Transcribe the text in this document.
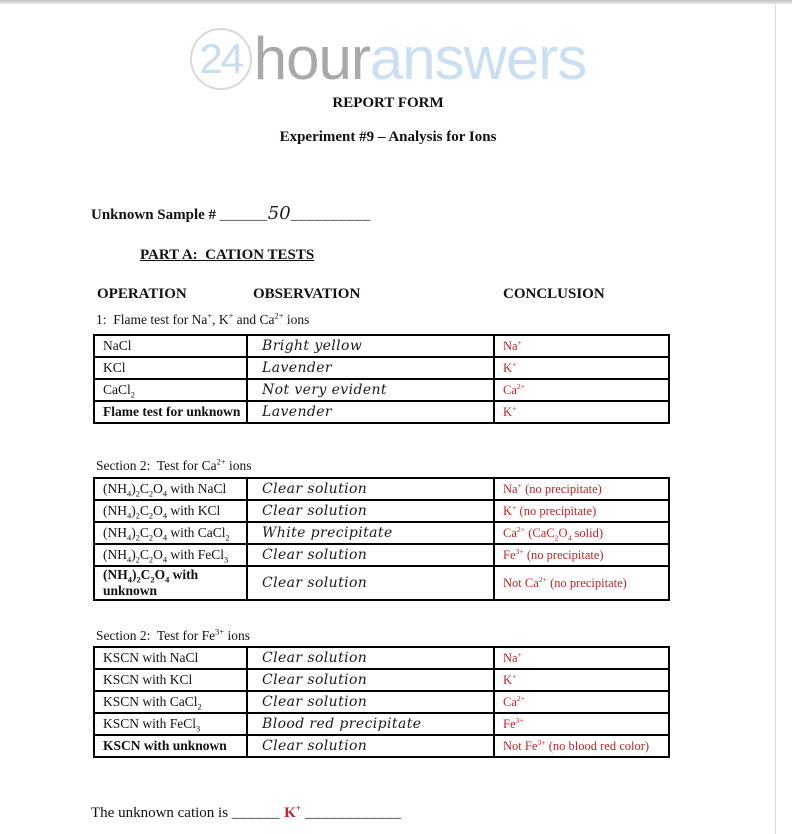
24 hour answers
REPORT FORM
Experiment #9 – Analysis for Ions
Unknown Sample # ______50__________
PART A:  CATION TESTS
OPERATION	OBSERVATION	CONCLUSION
1:  Flame test for Na+, K+ and $Ca^{2+}$ ions
NaCl	Bright yellow	Na+
KCl	Lavender	K+
CaCl$_2$	Not very evident	$Ca^{2+}$
Flame test for unknown	Lavender	K+
Section 2:  Test for $Ca^{2+}$ ions
$(NH_4)_2C_2O_4$ with NaCl	Clear solution	Na+ (no precipitate)
$(NH_4)_2C_2O_4$ with KCl	Clear solution	K+ (no precipitate)
$(NH_4)_2C_2O_4$ with CaCl$_2$	White precipitate	$Ca^{2+}$ ($CaC_2O_4$ solid)
$(NH_4)_2C_2O_4$ with FeCl$_3$	Clear solution	$Fe^{3+}$ (no precipitate)
$(NH_4)_2C_2O_4$ with unknown	Clear solution	Not $Ca^{2+}$ (no precipitate)
Section 2:  Test for $Fe^{3+}$ ions
KSCN with NaCl	Clear solution	Na+
KSCN with KCl	Clear solution	K+
KSCN with CaCl$_2$	Clear solution	$Ca^{2+}$
KSCN with FeCl$_3$	Blood red precipitate	$Fe^{3+}$
KSCN with unknown	Clear solution	Not $Fe^{3+}$ (no blood red color)
The unknown cation is ______ K+ ____________
